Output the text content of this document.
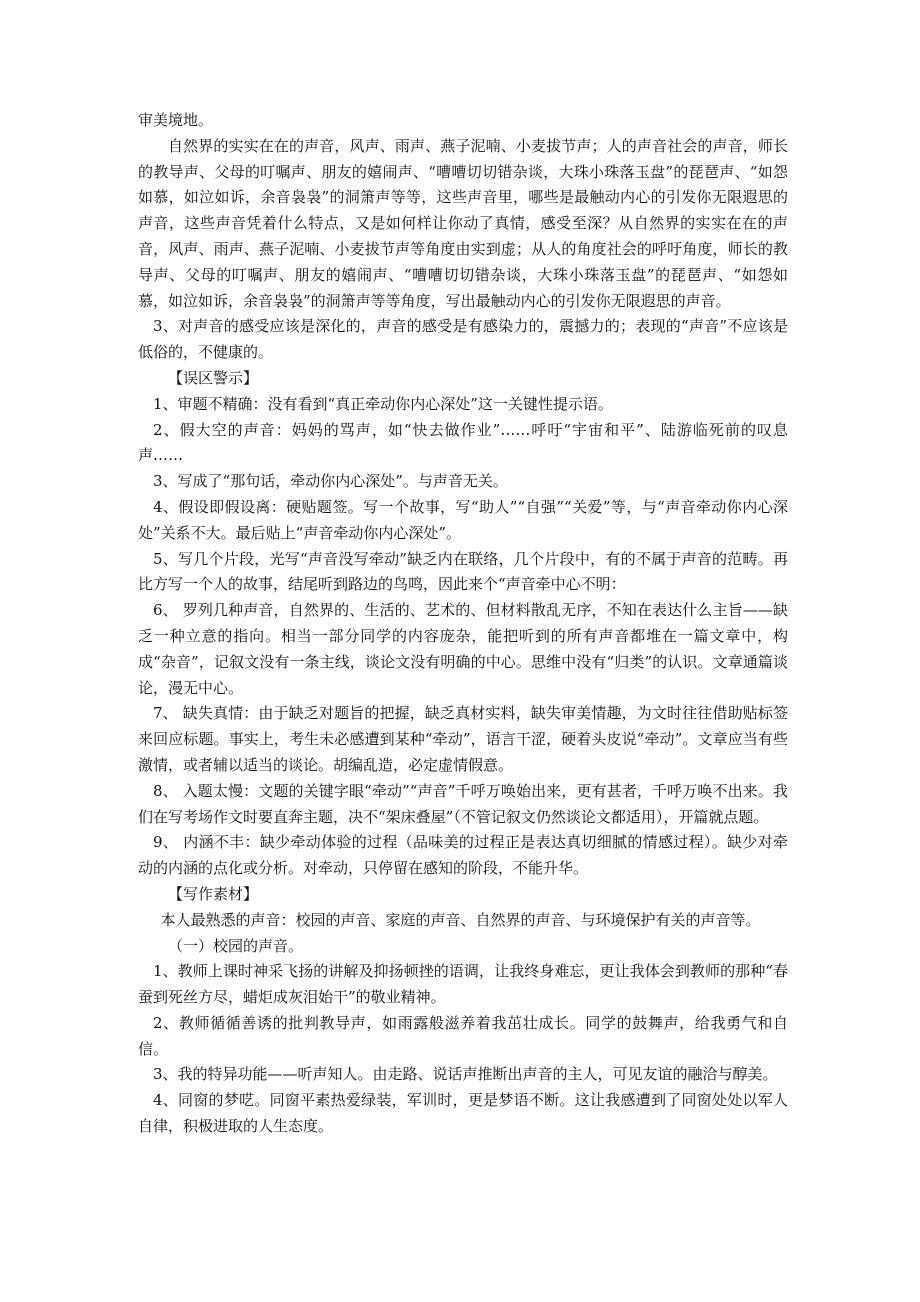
审美境地。

自然界的实实在在的声音，风声、雨声、燕子泥喃、小麦拔节声；人的声音社会的声音，师长的教导声、父母的叮嘱声、朋友的嬉闹声、“嘈嘈切切错杂谈，大珠小珠落玉盘”的琵琶声、“如怨如慕，如泣如诉，余音袅袅”的洞箫声等等，这些声音里，哪些是最触动内心的引发你无限遐思的声音，这些声音凭着什么特点，又是如何样让你动了真情，感受至深？从自然界的实实在在的声音，风声、雨声、燕子泥喃、小麦拔节声等角度由实到虚；从人的角度社会的呼吁角度，师长的教导声、父母的叮嘱声、朋友的嬉闹声、“嘈嘈切切错杂谈，大珠小珠落玉盘”的琵琶声、“如怨如慕，如泣如诉，余音袅袅”的洞箫声等等角度，写出最触动内心的引发你无限遐思的声音。

3、对声音的感受应该是深化的，声音的感受是有感染力的，震撼力的；表现的“声音”不应该是低俗的，不健康的。

【误区警示】

1、审题不精确：没有看到“真正牵动你内心深处”这一关键性提示语。

2、假大空的声音：妈妈的骂声，如“快去做作业”……呼吁“宇宙和平”、陆游临死前的叹息声……

3、写成了“那句话，牵动你内心深处”。与声音无关。

4、假设即假设离：硬贴题签。写一个故事，写“助人”“自强”“关爱”等，与“声音牵动你内心深处”关系不大。最后贴上“声音牵动你内心深处”。

5、写几个片段，光写“声音没写牵动”缺乏内在联络，几个片段中，有的不属于声音的范畴。再比方写一个人的故事，结尾听到路边的鸟鸣，因此来个“声音牵中心不明：

6、 罗列几种声音，自然界的、生活的、艺术的、但材料散乱无序，不知在表达什么主旨——缺乏一种立意的指向。相当一部分同学的内容庞杂，能把听到的所有声音都堆在一篇文章中，构成“杂音”，记叙文没有一条主线，谈论文没有明确的中心。思维中没有“归类”的认识。文章通篇谈论，漫无中心。

7、 缺失真情：由于缺乏对题旨的把握，缺乏真材实料，缺失审美情趣，为文时往往借助贴标签来回应标题。事实上，考生未必感遭到某种“牵动”，语言干涩，硬着头皮说“牵动”。文章应当有些激情，或者辅以适当的谈论。胡编乱造，必定虚情假意。

8、 入题太慢：文题的关键字眼“牵动”“声音”千呼万唤始出来，更有甚者，千呼万唤不出来。我们在写考场作文时要直奔主题，决不“架床叠屋”（不管记叙文仍然谈论文都适用），开篇就点题。

9、 内涵不丰：缺少牵动体验的过程（品味美的过程正是表达真切细腻的情感过程）。缺少对牵动的内涵的点化或分析。对牵动，只停留在感知的阶段，不能升华。

【写作素材】

本人最熟悉的声音：校园的声音、家庭的声音、自然界的声音、与环境保护有关的声音等。

（一）校园的声音。

1、教师上课时神采飞扬的讲解及抑扬顿挫的语调，让我终身难忘，更让我体会到教师的那种“春蚕到死丝方尽，蜡炬成灰泪始干”的敬业精神。

2、教师循循善诱的批判教导声，如雨露般滋养着我茁壮成长。同学的鼓舞声，给我勇气和自信。

3、我的特异功能——听声知人。由走路、说话声推断出声音的主人，可见友谊的融洽与醇美。

4、同窗的梦呓。同窗平素热爱绿装，军训时，更是梦语不断。这让我感遭到了同窗处处以军人自律，积极进取的人生态度。
